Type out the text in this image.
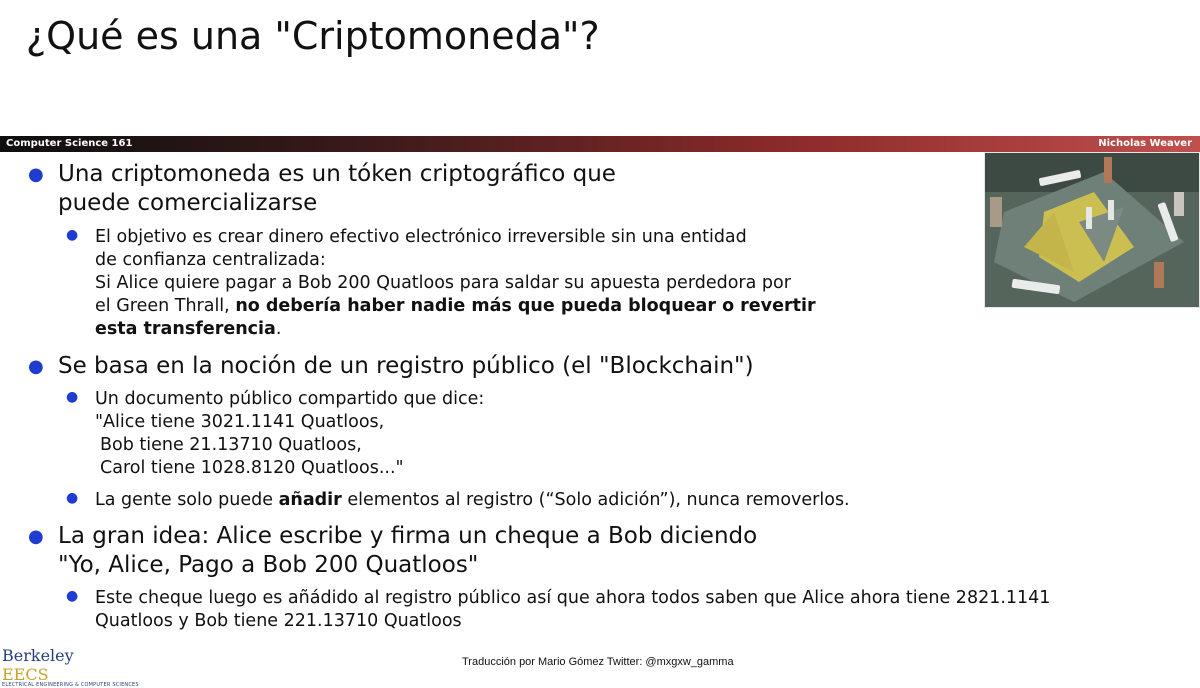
¿Qué es una "Criptomoneda"?
Computer Science 161	Nicholas Weaver
● Una criptomoneda es un tóken criptográfico que
puede comercializarse
● El objetivo es crear dinero efectivo electrónico irreversible sin una entidad
de confianza centralizada:
Si Alice quiere pagar a Bob 200 Quatloos para saldar su apuesta perdedora por
el Green Thrall, no debería haber nadie más que pueda bloquear o revertir
esta transferencia.
● Se basa en la noción de un registro público (el "Blockchain")
● Un documento público compartido que dice:
"Alice tiene 3021.1141 Quatloos,
Bob tiene 21.13710 Quatloos,
Carol tiene 1028.8120 Quatloos..."
● La gente solo puede añadir elementos al registro (“Solo adición”), nunca removerlos.
● La gran idea: Alice escribe y firma un cheque a Bob diciendo
"Yo, Alice, Pago a Bob 200 Quatloos"
● Este cheque luego es añádido al registro público así que ahora todos saben que Alice ahora tiene 2821.1141
Quatloos y Bob tiene 221.13710 Quatloos
Berkeley EECS
ELECTRICAL ENGINEERING & COMPUTER SCIENCES
Traducción por Mario Gómez Twitter: @mxgxw_gamma
